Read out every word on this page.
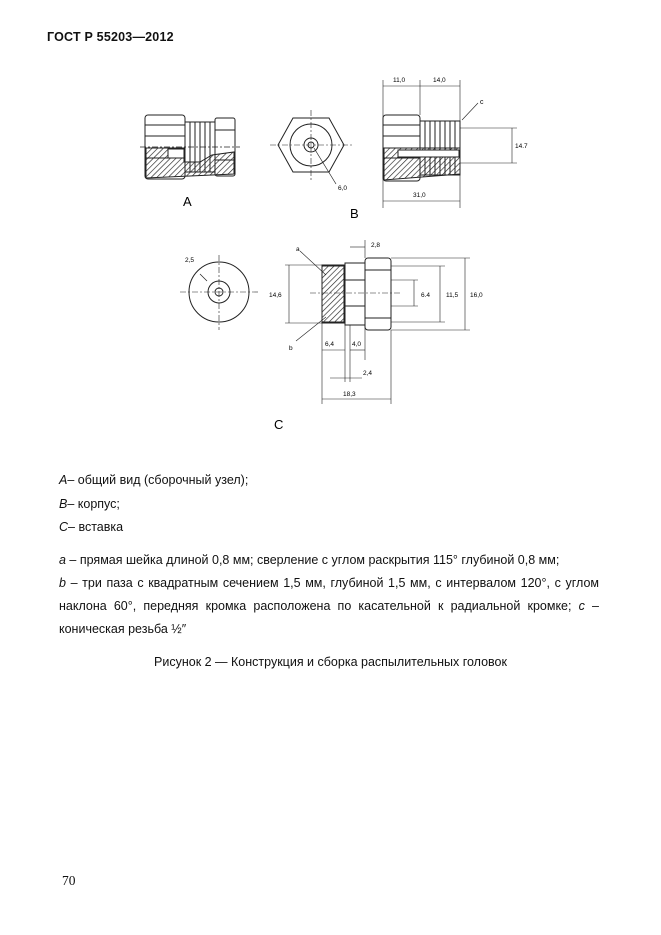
ГОСТ Р 55203—2012
A
6,0
B
11,0	14,0
c
14.7
31,0
2,5
a
b
14,6
2,8
6.4 11,5 16,0
6,4	4,0
2,4
18,3
C
A– общий вид (сборочный узел);
B– корпус;
C– вставка

a – прямая шейка длиной 0,8 мм; сверление с углом раскрытия 115° глубиной 0,8 мм;

b – три паза с квадратным сечением 1,5 мм, глубиной 1,5 мм, с интервалом 120°, с углом наклона 60°, передняя кромка расположена по касательной к радиальной кромке; c – коническая резьба ½″

Рисунок 2 — Конструкция и сборка распылительных головок
70
